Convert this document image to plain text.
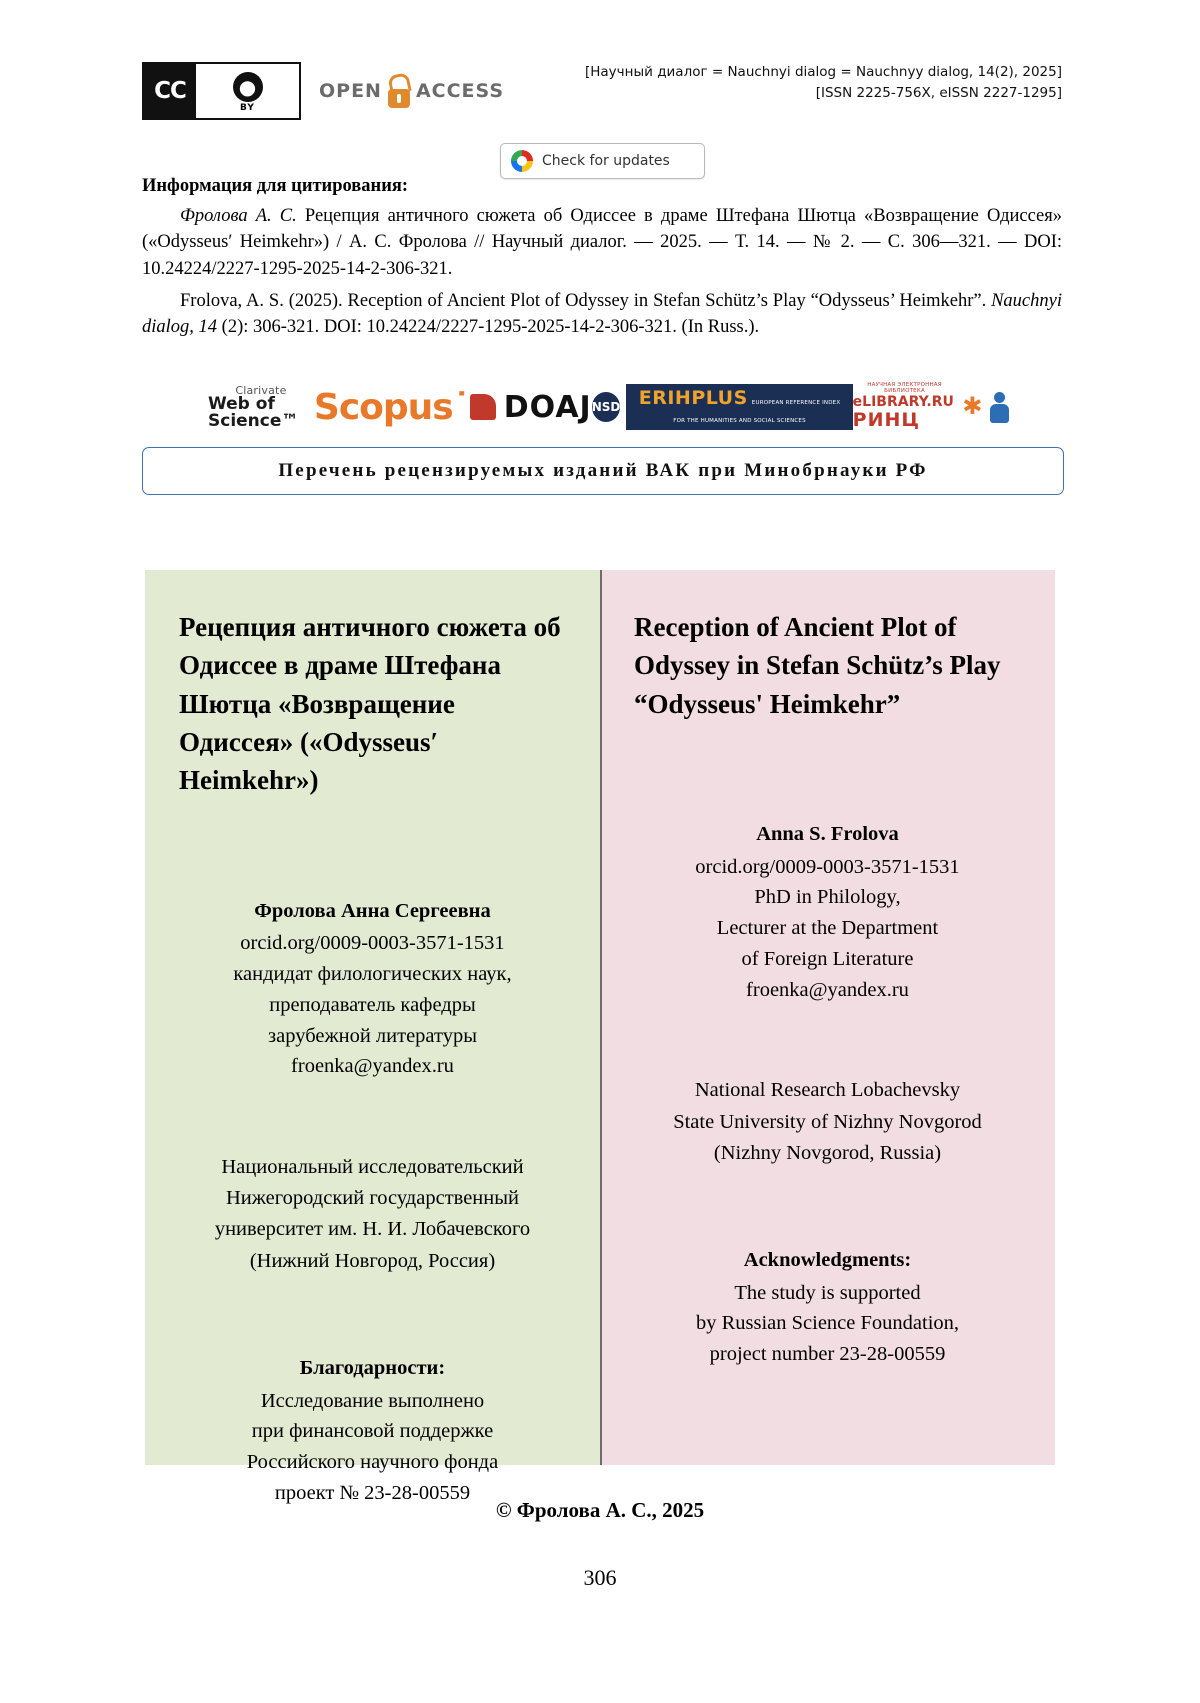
CC	●
BY
OPEN ACCESS
[Научный диалог = Nauchnyi dialog = Nauchnyy dialog, 14(2), 2025]
[ISSN 2225-756X, eISSN 2227-1295]
Check for updates
Информация для цитирования:

Фролова А. С. Рецепция античного сюжета об Одиссее в драме Штефана Шютца «Возвращение Одиссея» («Odysseus′ Heimkehr») / А. С. Фролова // Научный диалог. — 2025. — Т. 14. — № 2. — С. 306—321. — DOI: 10.24224/2227-1295-2025-14-2-306-321.

Frolova, A. S. (2025). Reception of Ancient Plot of Odyssey in Stefan Schütz’s Play “Odysseus’ Heimkehr”. Nauchnyi dialog, 14 (2): 306-321. DOI: 10.24224/2227-1295-2025-14-2-306-321. (In Russ.).

Clarivate
Web of Science™ Scopus˙ DOAJ NSD ERIHPLUS EUROPEAN REFERENCE INDEX FOR THE HUMANITIES AND SOCIAL SCIENCES
НАУЧНАЯ ЭЛЕКТРОННАЯ БИБЛИОТЕКА
eLIBRARY.RU
РИНЦ
✱
Перечень рецензируемых изданий ВАК при Минобрнауки РФ
Рецепция античного сюжета об Одиссее в драме Штефана Шютца «Возвращение Одиссея» («Odysseus′ Heimkehr»)
Фролова Анна Сергеевна
orcid.org/0009-0003-3571-1531
кандидат филологических наук,
преподаватель кафедры
зарубежной литературы
froenka@yandex.ru
Национальный исследовательский
Нижегородский государственный
университет им. Н. И. Лобачевского
(Нижний Новгород, Россия)
Благодарности:
Исследование выполнено
при финансовой поддержке
Российского научного фонда
проект № 23-28-00559
Reception of Ancient Plot of Odyssey in Stefan Schütz’s Play “Odysseus' Heimkehr”
Anna S. Frolova
orcid.org/0009-0003-3571-1531
PhD in Philology,
Lecturer at the Department
of Foreign Literature
froenka@yandex.ru
National Research Lobachevsky
State University of Nizhny Novgorod
(Nizhny Novgorod, Russia)
Acknowledgments:
The study is supported
by Russian Science Foundation,
project number 23-28-00559
© Фролова А. С., 2025
306
